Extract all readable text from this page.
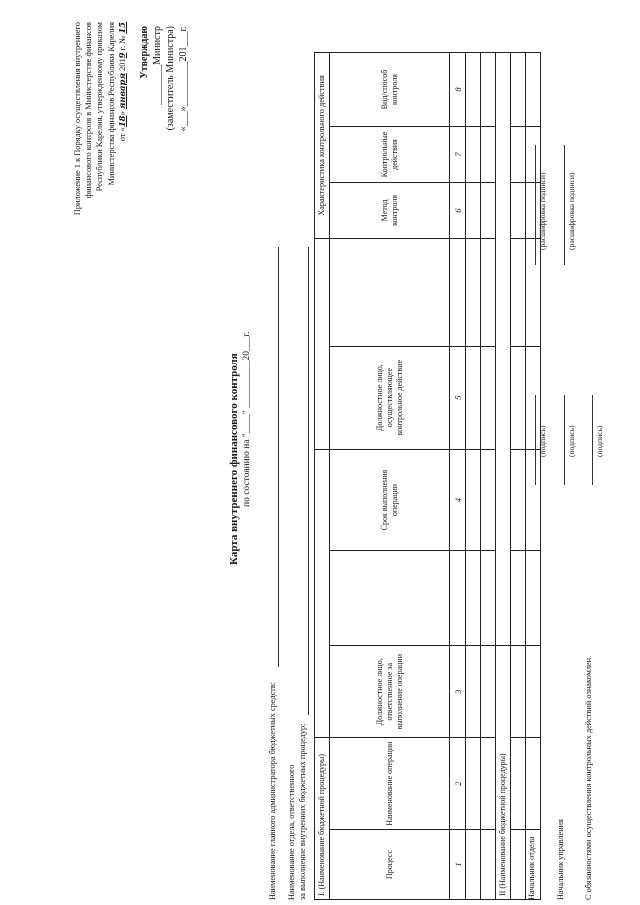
Приложение 1 к Порядку осуществления внутреннего финансового контроля в Министерстве финансов Республики Карелия, утвержденному приказом Министерства финансов Республики Карелия от «18» января 2019 г. № 15 Утверждаю ________Министр (заместитель Министра) «___»_________201___г.
Карта внутреннего финансового контроля по состоянию на "____" __________20___г.
Наименование главного администратора бюджетных средств: Наименование отдела, ответственного за выполнение внутренних бюджетных процедур: I. (Наименование бюджетной процедуры)							Характеристика контрольного действия		
Процесс	Наименование операции	Должностное лицо, ответственное за выполнение операции		Срок выполнения операции	Должностное лицо, осуществляющее контрольное действие		Метод контроля	Контрольные действия	Вид/способ контроля
1	2	3		4	5		6	7	8

II (Наименование бюджетной процедуры)									

									Начальник отдела
(подпись)
(расшифровка подписи)
Начальник управления
(подпись)
(расшифровка подписи)
С обязанностями осуществления контрольных действий ознакомлен
(подпись)
